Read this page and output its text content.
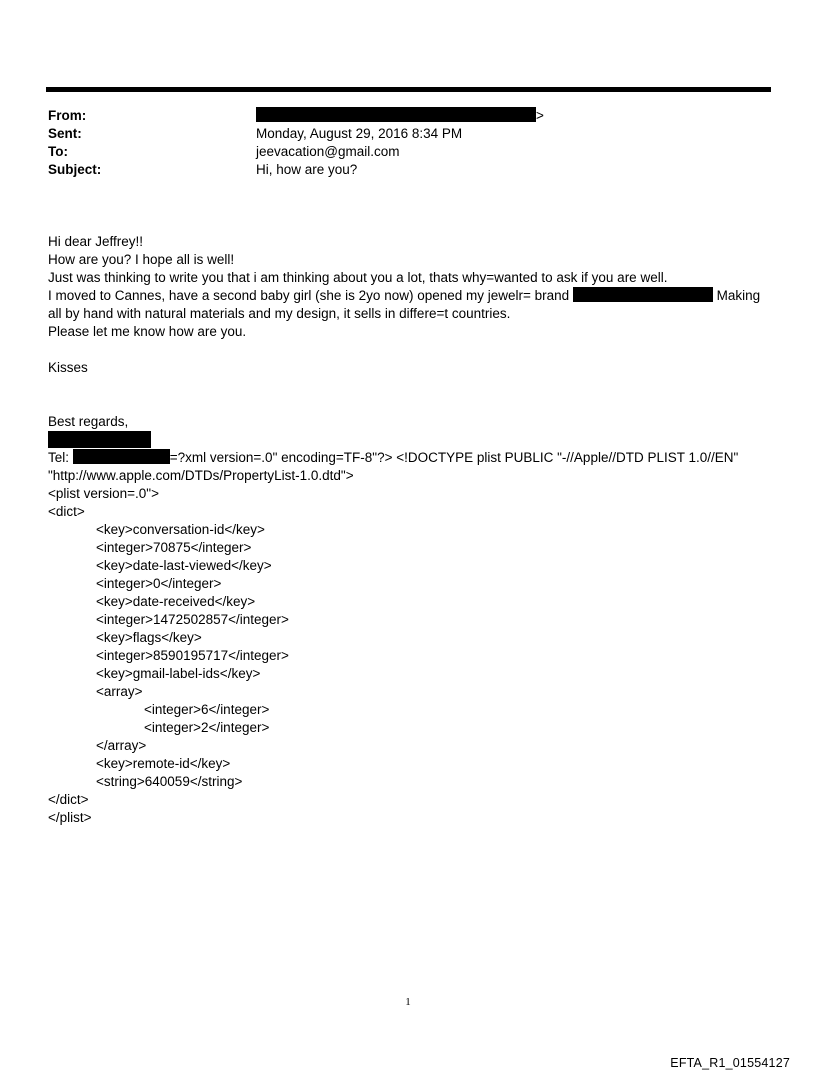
From:	>
Sent:	Monday, August 29, 2016 8:34 PM
To:	jeevacation@gmail.com
Subject:	Hi, how are you?
Hi dear Jeffrey!!
How are you? I hope all is well!
Just was thinking to write you that i am thinking about you a lot, thats why=wanted to ask if you are well.
I moved to Cannes, have a second baby girl (she is 2yo now) opened my jewelr= brand	Making
all by hand with natural materials and my design, it sells in differe=t countries.
Please let me know how are you.
Kisses
Best regards,
Tel:	=?xml version=.0" encoding=TF-8"?> <!DOCTYPE plist PUBLIC "-//Apple//DTD PLIST 1.0//EN"
"http://www.apple.com/DTDs/PropertyList-1.0.dtd">
<plist version=.0">
<dict>
<key>conversation-id</key>
<integer>70875</integer>
<key>date-last-viewed</key>
<integer>0</integer>
<key>date-received</key>
<integer>1472502857</integer>
<key>flags</key>
<integer>8590195717</integer>
<key>gmail-label-ids</key>
<array>
<integer>6</integer>
<integer>2</integer>
</array>
<key>remote-id</key>
<string>640059</string>
</dict>
</plist>
1
EFTA_R1_01554127
